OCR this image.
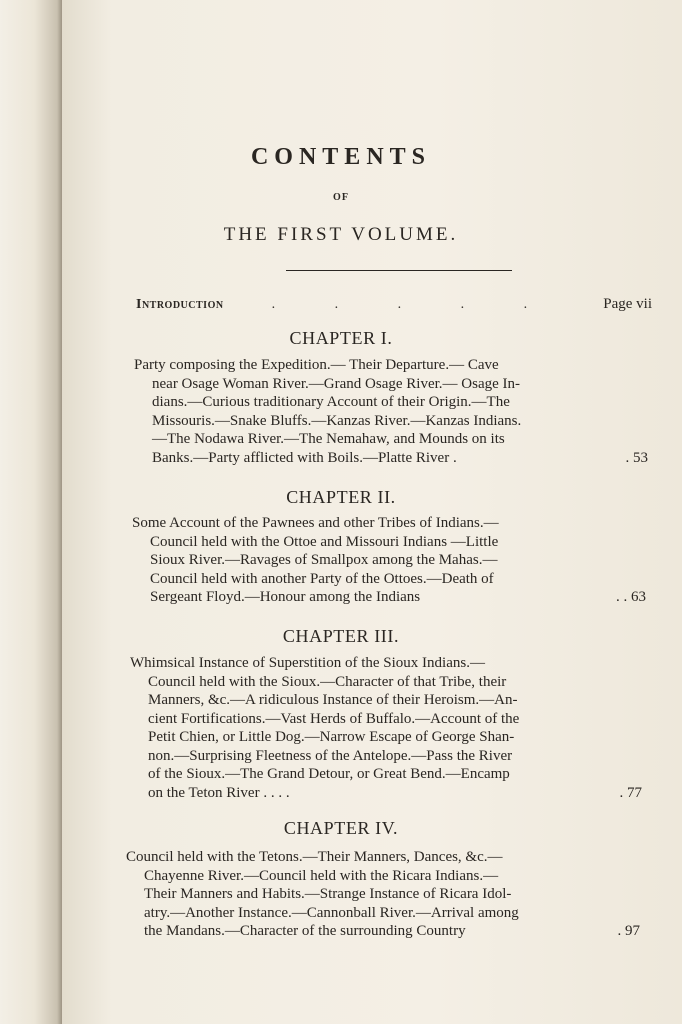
CONTENTS
OF
THE FIRST VOLUME.
Introduction	. . . . .	Page vii
CHAPTER I.
Party composing the Expedition.— Their Departure.— Cave
near Osage Woman River.—Grand Osage River.— Osage In-
dians.—Curious traditionary Account of their Origin.—The
Missouris.—Snake Bluffs.—Kanzas River.—Kanzas Indians.
—The Nodawa River.—The Nemahaw, and Mounds on its
Banks.—Party afflicted with Boils.—Platte River .	. 53
CHAPTER II.
Some Account of the Pawnees and other Tribes of Indians.—
Council held with the Ottoe and Missouri Indians —Little
Sioux River.—Ravages of Smallpox among the Mahas.—
Council held with another Party of the Ottoes.—Death of
Sergeant Floyd.—Honour among the Indians	. . 63
CHAPTER III.
Whimsical Instance of Superstition of the Sioux Indians.—
Council held with the Sioux.—Character of that Tribe, their
Manners, &c.—A ridiculous Instance of their Heroism.—An-
cient Fortifications.—Vast Herds of Buffalo.—Account of the
Petit Chien, or Little Dog.—Narrow Escape of George Shan-
non.—Surprising Fleetness of the Antelope.—Pass the River
of the Sioux.—The Grand Detour, or Great Bend.—Encamp
on the Teton River . . . .	. 77
CHAPTER IV.
Council held with the Tetons.—Their Manners, Dances, &c.—
Chayenne River.—Council held with the Ricara Indians.—
Their Manners and Habits.—Strange Instance of Ricara Idol-
atry.—Another Instance.—Cannonball River.—Arrival among
the Mandans.—Character of the surrounding Country	. 97
